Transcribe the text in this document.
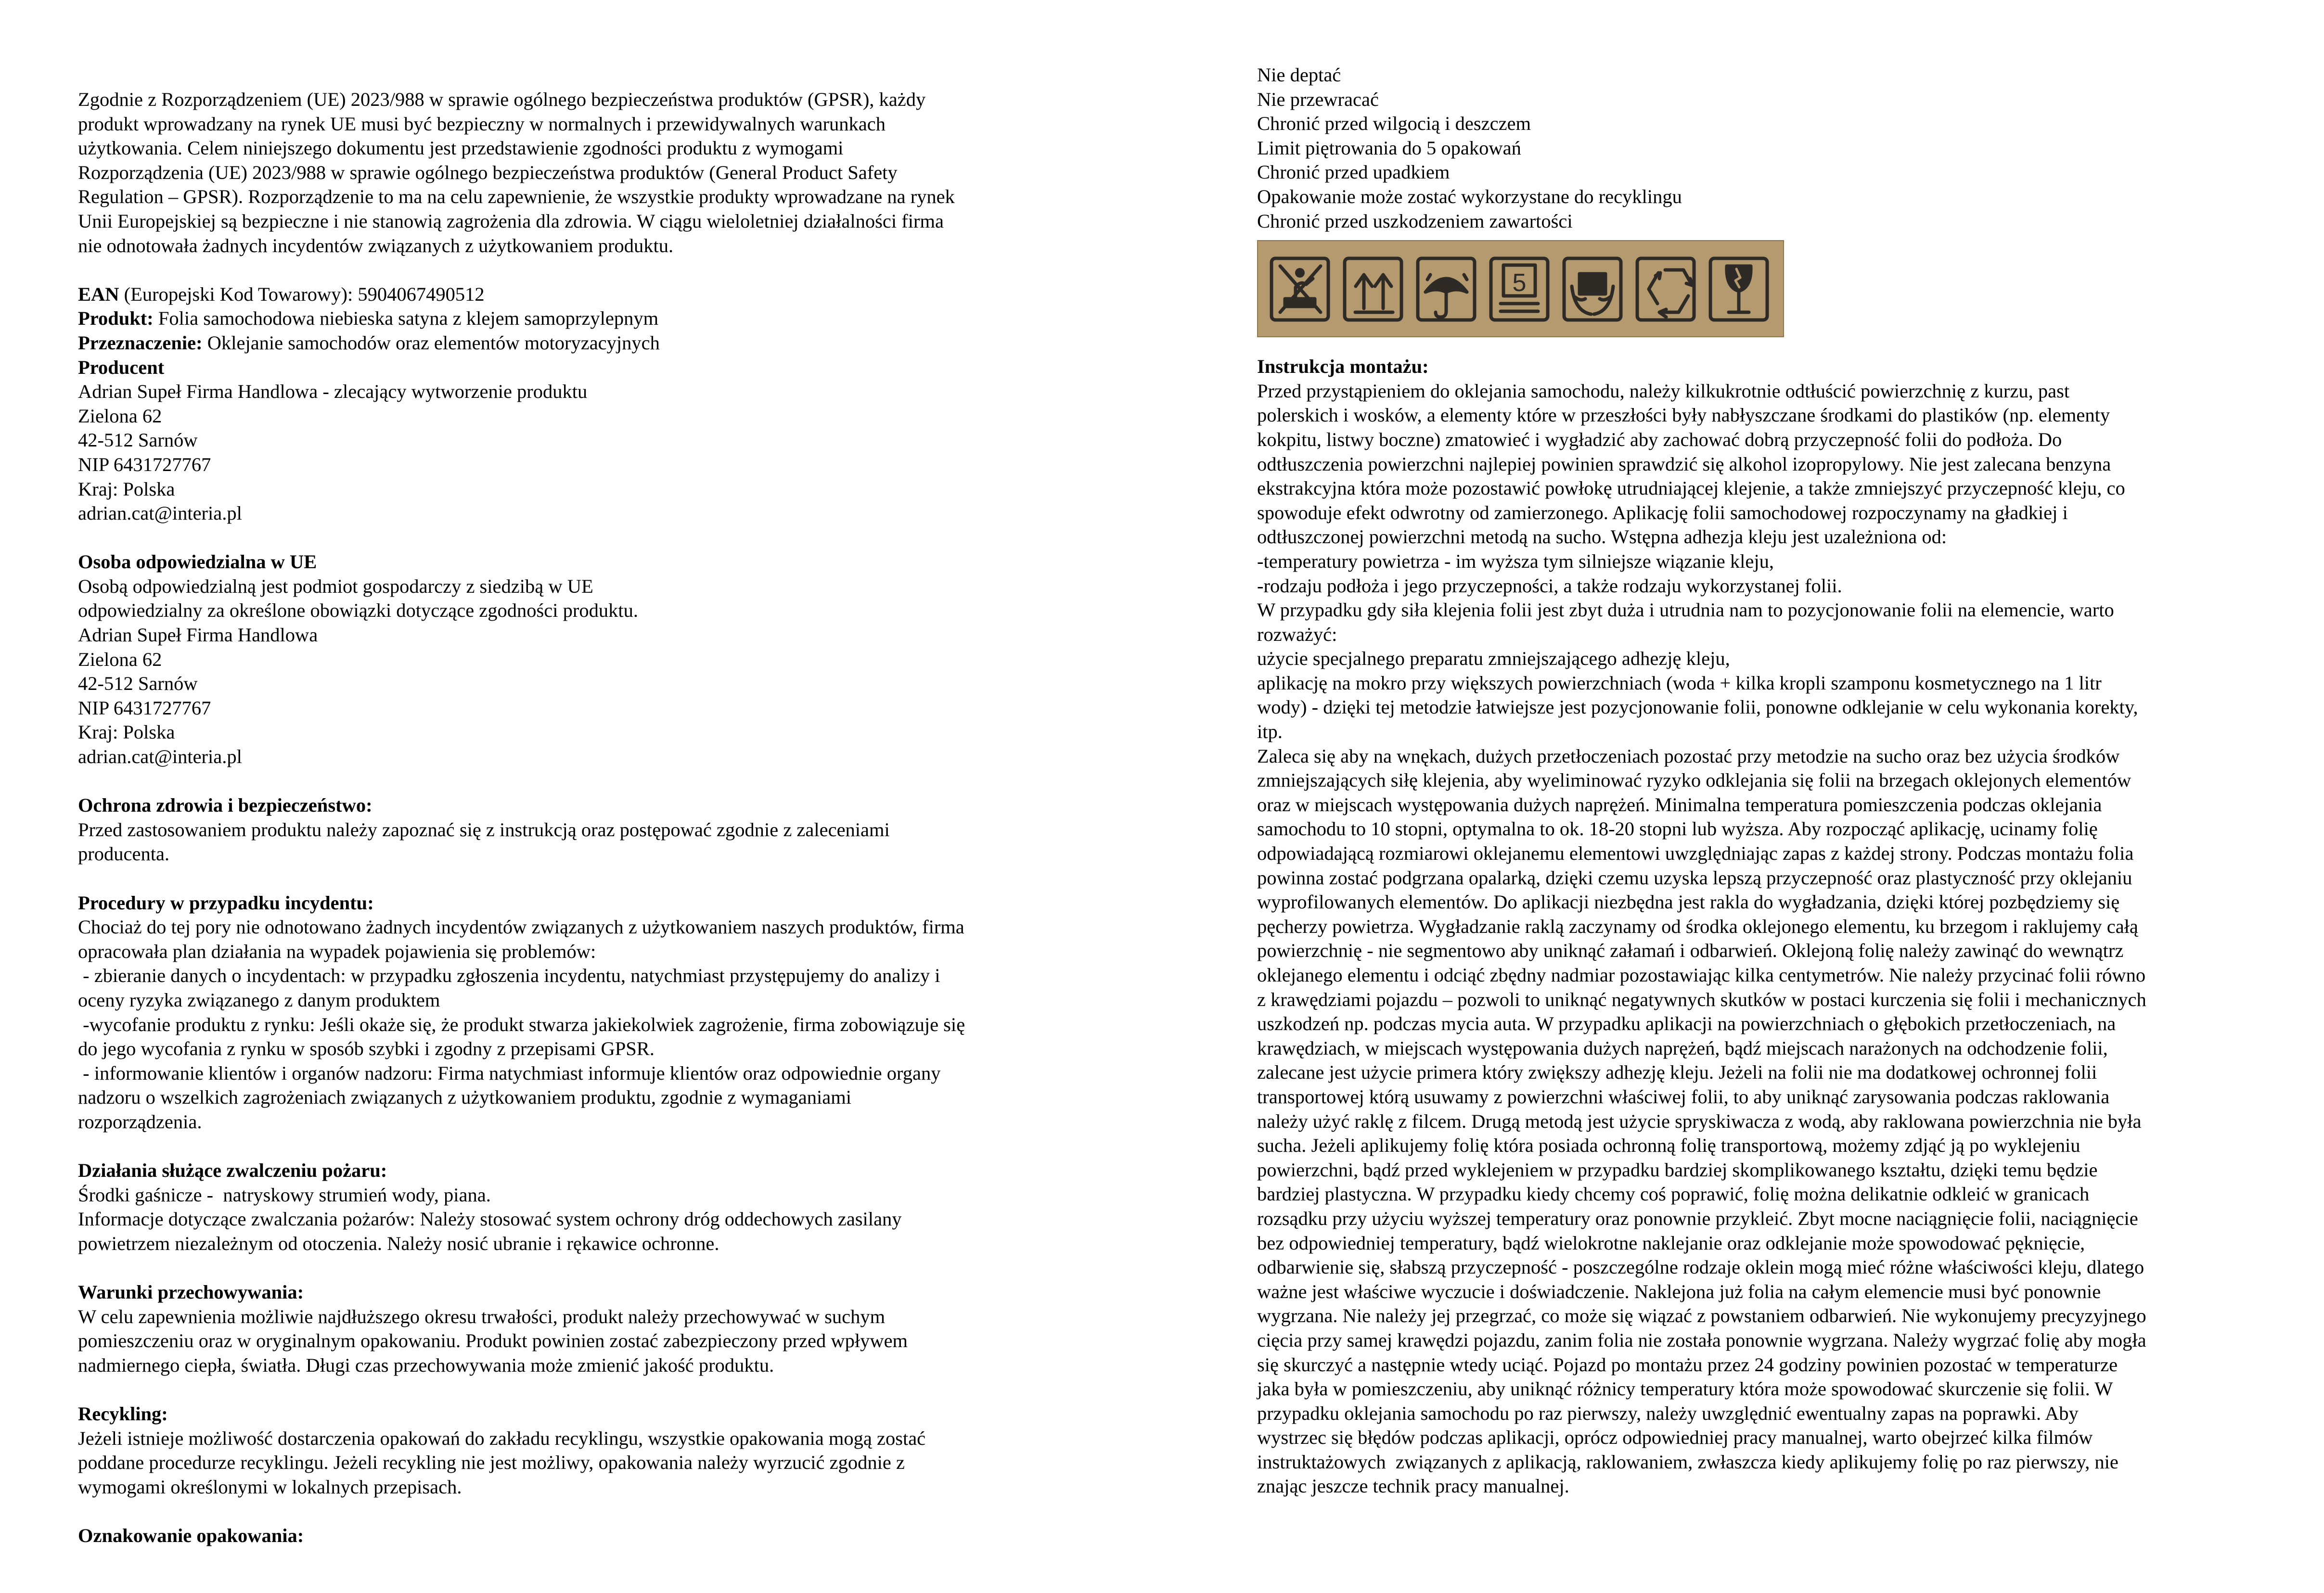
Zgodnie z Rozporządzeniem (UE) 2023/988 w sprawie ogólnego bezpieczeństwa produktów (GPSR), każdy
produkt wprowadzany na rynek UE musi być bezpieczny w normalnych i przewidywalnych warunkach
użytkowania. Celem niniejszego dokumentu jest przedstawienie zgodności produktu z wymogami
Rozporządzenia (UE) 2023/988 w sprawie ogólnego bezpieczeństwa produktów (General Product Safety
Regulation – GPSR). Rozporządzenie to ma na celu zapewnienie, że wszystkie produkty wprowadzane na rynek
Unii Europejskiej są bezpieczne i nie stanowią zagrożenia dla zdrowia. W ciągu wieloletniej działalności firma
nie odnotowała żadnych incydentów związanych z użytkowaniem produktu.
EAN (Europejski Kod Towarowy): 5904067490512
Produkt: Folia samochodowa niebieska satyna z klejem samoprzylepnym
Przeznaczenie: Oklejanie samochodów oraz elementów motoryzacyjnych
Producent
Adrian Supeł Firma Handlowa - zlecający wytworzenie produktu
Zielona 62
42-512 Sarnów
NIP 6431727767
Kraj: Polska
adrian.cat@interia.pl
Osoba odpowiedzialna w UE
Osobą odpowiedzialną jest podmiot gospodarczy z siedzibą w UE
odpowiedzialny za określone obowiązki dotyczące zgodności produktu.
Adrian Supeł Firma Handlowa
Zielona 62
42-512 Sarnów
NIP 6431727767
Kraj: Polska
adrian.cat@interia.pl
Ochrona zdrowia i bezpieczeństwo:
Przed zastosowaniem produktu należy zapoznać się z instrukcją oraz postępować zgodnie z zaleceniami
producenta.
Procedury w przypadku incydentu:
Chociaż do tej pory nie odnotowano żadnych incydentów związanych z użytkowaniem naszych produktów, firma
opracowała plan działania na wypadek pojawienia się problemów:
- zbieranie danych o incydentach: w przypadku zgłoszenia incydentu, natychmiast przystępujemy do analizy i
oceny ryzyka związanego z danym produktem
-wycofanie produktu z rynku: Jeśli okaże się, że produkt stwarza jakiekolwiek zagrożenie, firma zobowiązuje się
do jego wycofania z rynku w sposób szybki i zgodny z przepisami GPSR.
- informowanie klientów i organów nadzoru: Firma natychmiast informuje klientów oraz odpowiednie organy
nadzoru o wszelkich zagrożeniach związanych z użytkowaniem produktu, zgodnie z wymaganiami
rozporządzenia.
Działania służące zwalczeniu pożaru:
Środki gaśnicze -  natryskowy strumień wody, piana.
Informacje dotyczące zwalczania pożarów: Należy stosować system ochrony dróg oddechowych zasilany
powietrzem niezależnym od otoczenia. Należy nosić ubranie i rękawice ochronne.
Warunki przechowywania:
W celu zapewnienia możliwie najdłuższego okresu trwałości, produkt należy przechowywać w suchym
pomieszczeniu oraz w oryginalnym opakowaniu. Produkt powinien zostać zabezpieczony przed wpływem
nadmiernego ciepła, światła. Długi czas przechowywania może zmienić jakość produktu.
Recykling:
Jeżeli istnieje możliwość dostarczenia opakowań do zakładu recyklingu, wszystkie opakowania mogą zostać
poddane procedurze recyklingu. Jeżeli recykling nie jest możliwy, opakowania należy wyrzucić zgodnie z
wymogami określonymi w lokalnych przepisach.
Oznakowanie opakowania:
Nie deptać
Nie przewracać
Chronić przed wilgocią i deszczem
Limit piętrowania do 5 opakowań
Chronić przed upadkiem
Opakowanie może zostać wykorzystane do recyklingu
Chronić przed uszkodzeniem zawartości
5
Instrukcja montażu:
Przed przystąpieniem do oklejania samochodu, należy kilkukrotnie odtłuścić powierzchnię z kurzu, past
polerskich i wosków, a elementy które w przeszłości były nabłyszczane środkami do plastików (np. elementy
kokpitu, listwy boczne) zmatowieć i wygładzić aby zachować dobrą przyczepność folii do podłoża. Do
odtłuszczenia powierzchni najlepiej powinien sprawdzić się alkohol izopropylowy. Nie jest zalecana benzyna
ekstrakcyjna która może pozostawić powłokę utrudniającej klejenie, a także zmniejszyć przyczepność kleju, co
spowoduje efekt odwrotny od zamierzonego. Aplikację folii samochodowej rozpoczynamy na gładkiej i
odtłuszczonej powierzchni metodą na sucho. Wstępna adhezja kleju jest uzależniona od:
-temperatury powietrza - im wyższa tym silniejsze wiązanie kleju,
-rodzaju podłoża i jego przyczepności, a także rodzaju wykorzystanej folii.
W przypadku gdy siła klejenia folii jest zbyt duża i utrudnia nam to pozycjonowanie folii na elemencie, warto
rozważyć:
użycie specjalnego preparatu zmniejszającego adhezję kleju,
aplikację na mokro przy większych powierzchniach (woda + kilka kropli szamponu kosmetycznego na 1 litr
wody) - dzięki tej metodzie łatwiejsze jest pozycjonowanie folii, ponowne odklejanie w celu wykonania korekty,
itp.
Zaleca się aby na wnękach, dużych przetłoczeniach pozostać przy metodzie na sucho oraz bez użycia środków
zmniejszających siłę klejenia, aby wyeliminować ryzyko odklejania się folii na brzegach oklejonych elementów
oraz w miejscach występowania dużych naprężeń. Minimalna temperatura pomieszczenia podczas oklejania
samochodu to 10 stopni, optymalna to ok. 18-20 stopni lub wyższa. Aby rozpocząć aplikację, ucinamy folię
odpowiadającą rozmiarowi oklejanemu elementowi uwzględniając zapas z każdej strony. Podczas montażu folia
powinna zostać podgrzana opalarką, dzięki czemu uzyska lepszą przyczepność oraz plastyczność przy oklejaniu
wyprofilowanych elementów. Do aplikacji niezbędna jest rakla do wygładzania, dzięki której pozbędziemy się
pęcherzy powietrza. Wygładzanie raklą zaczynamy od środka oklejonego elementu, ku brzegom i raklujemy całą
powierzchnię - nie segmentowo aby uniknąć załamań i odbarwień. Oklejoną folię należy zawinąć do wewnątrz
oklejanego elementu i odciąć zbędny nadmiar pozostawiając kilka centymetrów. Nie należy przycinać folii równo
z krawędziami pojazdu – pozwoli to uniknąć negatywnych skutków w postaci kurczenia się folii i mechanicznych
uszkodzeń np. podczas mycia auta. W przypadku aplikacji na powierzchniach o głębokich przetłoczeniach, na
krawędziach, w miejscach występowania dużych naprężeń, bądź miejscach narażonych na odchodzenie folii,
zalecane jest użycie primera który zwiększy adhezję kleju. Jeżeli na folii nie ma dodatkowej ochronnej folii
transportowej którą usuwamy z powierzchni właściwej folii, to aby uniknąć zarysowania podczas raklowania
należy użyć raklę z filcem. Drugą metodą jest użycie spryskiwacza z wodą, aby raklowana powierzchnia nie była
sucha. Jeżeli aplikujemy folię która posiada ochronną folię transportową, możemy zdjąć ją po wyklejeniu
powierzchni, bądź przed wyklejeniem w przypadku bardziej skomplikowanego kształtu, dzięki temu będzie
bardziej plastyczna. W przypadku kiedy chcemy coś poprawić, folię można delikatnie odkleić w granicach
rozsądku przy użyciu wyższej temperatury oraz ponownie przykleić. Zbyt mocne naciągnięcie folii, naciągnięcie
bez odpowiedniej temperatury, bądź wielokrotne naklejanie oraz odklejanie może spowodować pęknięcie,
odbarwienie się, słabszą przyczepność - poszczególne rodzaje oklein mogą mieć różne właściwości kleju, dlatego
ważne jest właściwe wyczucie i doświadczenie. Naklejona już folia na całym elemencie musi być ponownie
wygrzana. Nie należy jej przegrzać, co może się wiązać z powstaniem odbarwień. Nie wykonujemy precyzyjnego
cięcia przy samej krawędzi pojazdu, zanim folia nie została ponownie wygrzana. Należy wygrzać folię aby mogła
się skurczyć a następnie wtedy uciąć. Pojazd po montażu przez 24 godziny powinien pozostać w temperaturze
jaka była w pomieszczeniu, aby uniknąć różnicy temperatury która może spowodować skurczenie się folii. W
przypadku oklejania samochodu po raz pierwszy, należy uwzględnić ewentualny zapas na poprawki. Aby
wystrzec się błędów podczas aplikacji, oprócz odpowiedniej pracy manualnej, warto obejrzeć kilka filmów
instruktażowych  związanych z aplikacją, raklowaniem, zwłaszcza kiedy aplikujemy folię po raz pierwszy, nie
znając jeszcze technik pracy manualnej.
